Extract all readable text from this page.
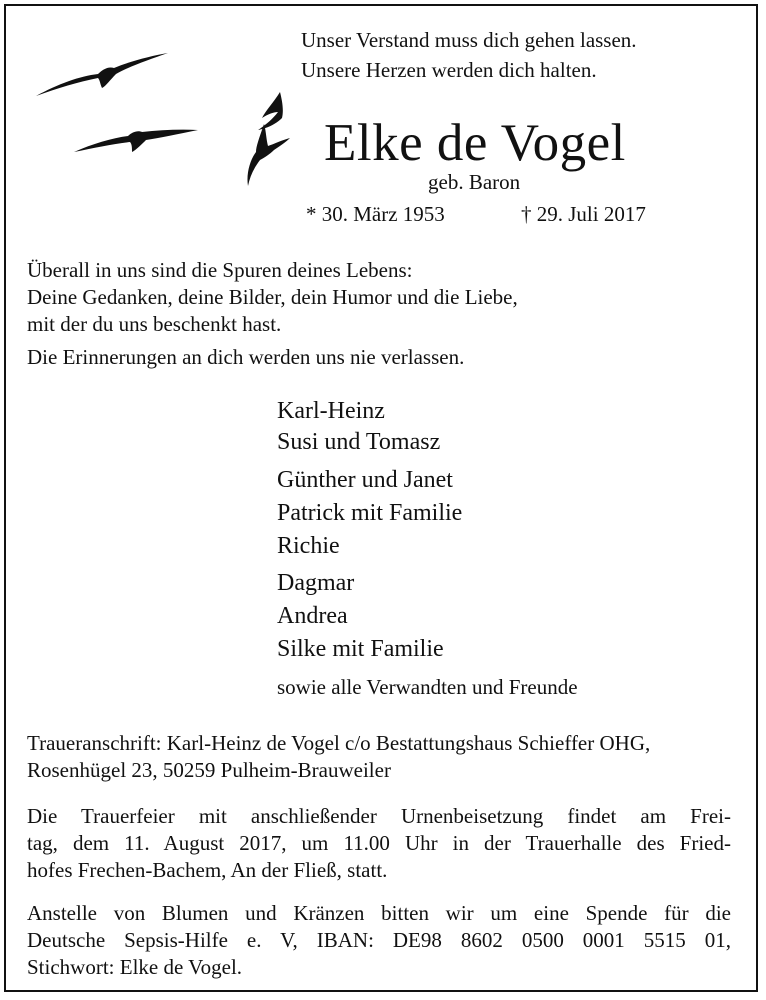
Unser Verstand muss dich gehen lassen.
Unsere Herzen werden dich halten.
Elke de Vogel
geb. Baron
* 30. März 1953	† 29. Juli 2017
Überall in uns sind die Spuren deines Lebens:
Deine Gedanken, deine Bilder, dein Humor und die Liebe,
mit der du uns beschenkt hast.
Die Erinnerungen an dich werden uns nie verlassen.
Karl-Heinz
Susi und Tomasz
Günther und Janet
Patrick mit Familie
Richie
Dagmar
Andrea
Silke mit Familie
sowie alle Verwandten und Freunde
Traueranschrift: Karl-Heinz de Vogel c/o Bestattungshaus Schieffer OHG,
Rosenhügel 23, 50259 Pulheim-Brauweiler
Die Trauerfeier mit anschließender Urnenbeisetzung findet am Frei-
tag, dem 11. August 2017, um 11.00 Uhr in der Trauerhalle des Fried-
hofes Frechen-Bachem, An der Fließ, statt.
Anstelle von Blumen und Kränzen bitten wir um eine Spende für die
Deutsche Sepsis-Hilfe e. V, IBAN: DE98 8602 0500 0001 5515 01,
Stichwort: Elke de Vogel.
